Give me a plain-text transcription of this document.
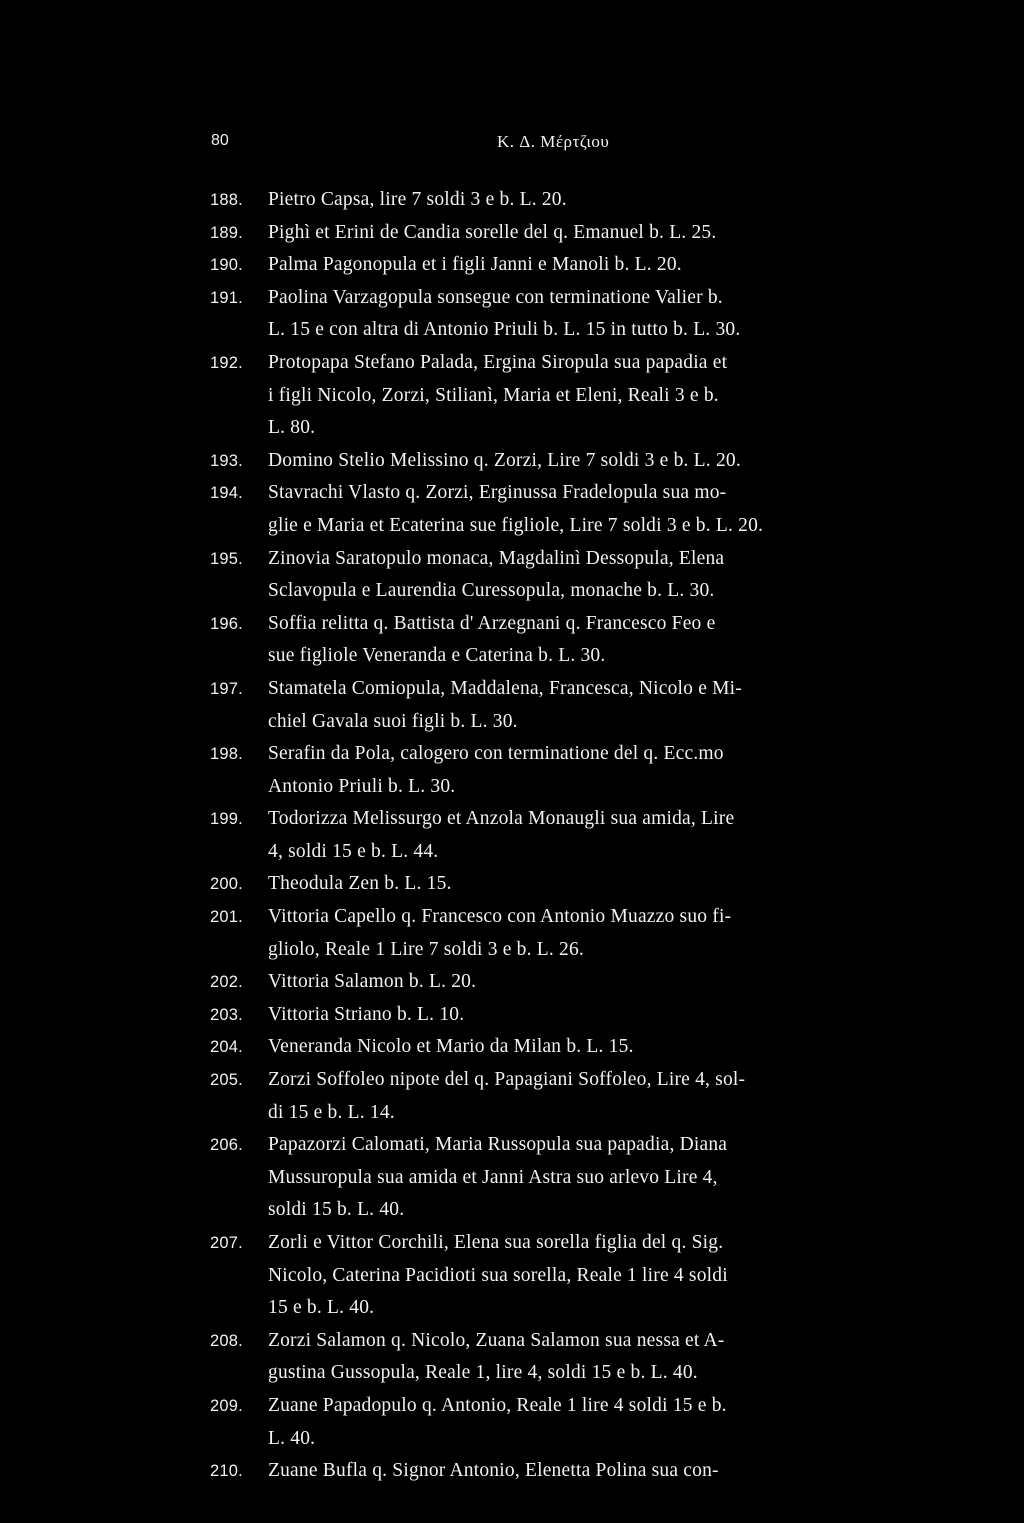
80	K. Δ. Μέρτζιου
188. Pietro Capsa, lire 7 soldi 3 e b. L. 20.
189. Pighì et Erini de Candia sorelle del q. Emanuel b. L. 25.
190. Palma Pagonopula et i figli Janni e Manoli b. L. 20.
191. Paolina Varzagopula sonsegue con terminatione Valier b.
L. 15 e con altra di Antonio Priuli b. L. 15 in tutto b. L. 30.
192. Protopapa Stefano Palada, Ergina Siropula sua papadia et
i figli Nicolo, Zorzi, Stilianì, Maria et Eleni, Reali 3 e b.
L. 80.
193. Domino Stelio Melissino q. Zorzi, Lire 7 soldi 3 e b. L. 20.
194. Stavrachi Vlasto q. Zorzi, Erginussa Fradelopula sua mo-
glie e Maria et Ecaterina sue figliole, Lire 7 soldi 3 e b. L. 20.
195. Zinovia Saratopulo monaca, Magdalinì Dessopula, Elena
Sclavopula e Laurendia Curessopula, monache b. L. 30.
196. Soffia relitta q. Battista d' Arzegnani q. Francesco Feo e
sue figliole Veneranda e Caterina b. L. 30.
197. Stamatela Comiopula, Maddalena, Francesca, Nicolo e Mi-
chiel Gavala suoi figli b. L. 30.
198. Serafin da Pola, calogero con terminatione del q. Ecc.mo
Antonio Priuli b. L. 30.
199. Todorizza Melissurgo et Anzola Monaugli sua amida, Lire
4, soldi 15 e b. L. 44.
200. Theodula Zen b. L. 15.
201. Vittoria Capello q. Francesco con Antonio Muazzo suo fi-
gliolo, Reale 1 Lire 7 soldi 3 e b. L. 26.
202. Vittoria Salamon b. L. 20.
203. Vittoria Striano b. L. 10.
204. Veneranda Nicolo et Mario da Milan b. L. 15.
205. Zorzi Soffoleo nipote del q. Papagiani Soffoleo, Lire 4, sol-
di 15 e b. L. 14.
206. Papazorzi Calomati, Maria Russopula sua papadia, Diana
Mussuropula sua amida et Janni Astra suo arlevo Lire 4,
soldi 15 b. L. 40.
207. Zorli e Vittor Corchili, Elena sua sorella figlia del q. Sig.
Nicolo, Caterina Pacidioti sua sorella, Reale 1 lire 4 soldi
15 e b. L. 40.
208. Zorzi Salamon q. Nicolo, Zuana Salamon sua nessa et A-
gustina Gussopula, Reale 1, lire 4, soldi 15 e b. L. 40.
209. Zuane Papadopulo q. Antonio, Reale 1 lire 4 soldi 15 e b.
L. 40.
210. Zuane Bufla q. Signor Antonio, Elenetta Polina sua con-
